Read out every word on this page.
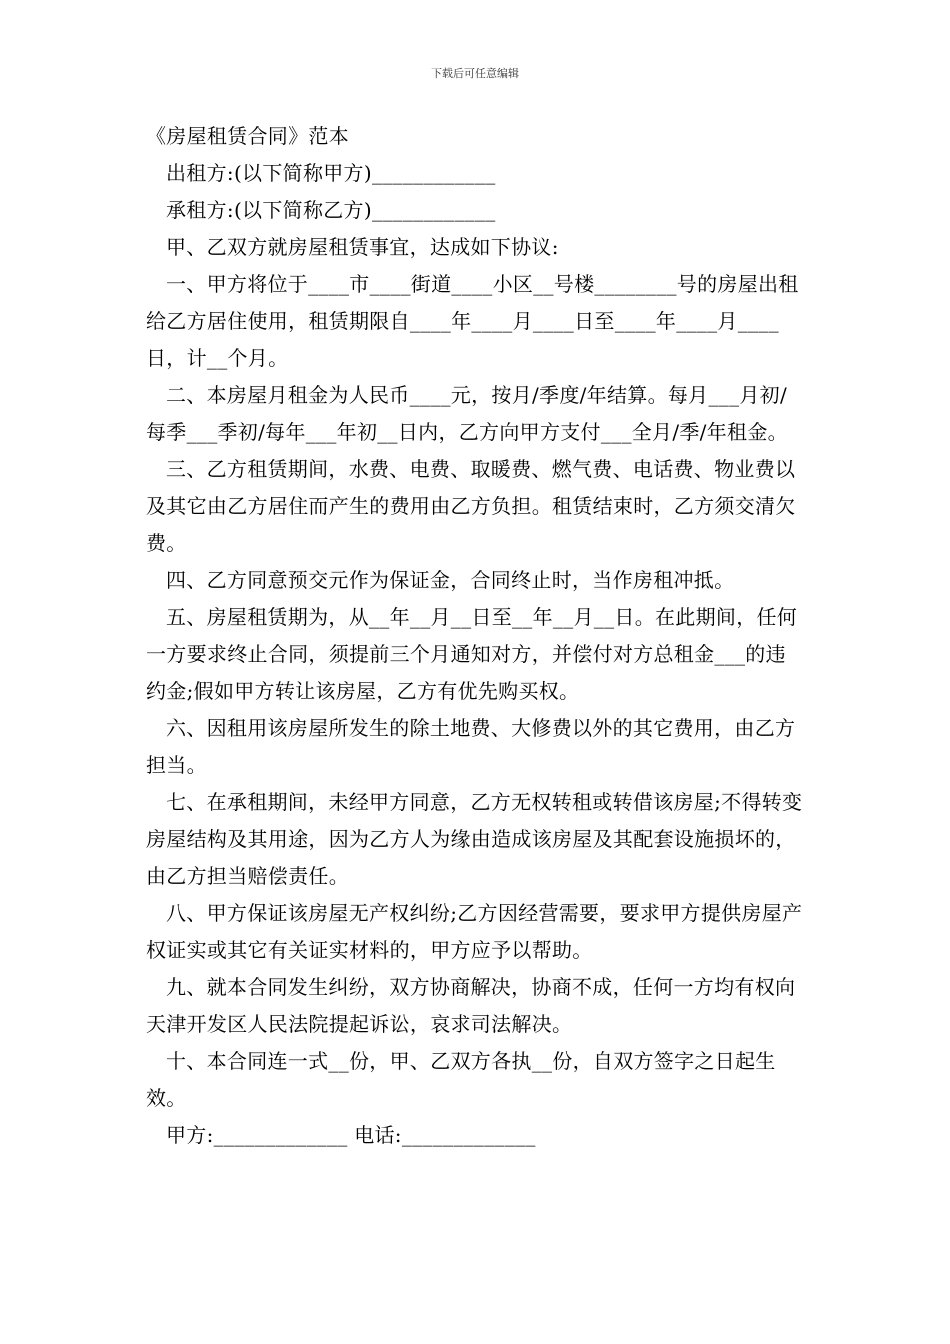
下载后可任意编辑

《房屋租赁合同》范本

出租方:(以下简称甲方)____________

承租方:(以下简称乙方)____________

甲、乙双方就房屋租赁事宜，达成如下协议:

一、甲方将位于____市____街道____小区__号楼________号的房屋出租给乙方居住使用，租赁期限自____年____月____日至____年____月____日，计__个月。

二、本房屋月租金为人民币____元，按月/季度/年结算。每月___月初/每季___季初/每年___年初__日内，乙方向甲方支付___全月/季/年租金。

三、乙方租赁期间，水费、电费、取暖费、燃气费、电话费、物业费以及其它由乙方居住而产生的费用由乙方负担。租赁结束时，乙方须交清欠费。

四、乙方同意预交元作为保证金，合同终止时，当作房租冲抵。

五、房屋租赁期为，从__年__月__日至__年__月__日。在此期间，任何一方要求终止合同，须提前三个月通知对方，并偿付对方总租金___的违约金;假如甲方转让该房屋，乙方有优先购买权。

六、因租用该房屋所发生的除土地费、大修费以外的其它费用，由乙方担当。

七、在承租期间，未经甲方同意，乙方无权转租或转借该房屋;不得转变房屋结构及其用途，因为乙方人为缘由造成该房屋及其配套设施损坏的，由乙方担当赔偿责任。

八、甲方保证该房屋无产权纠纷;乙方因经营需要，要求甲方提供房屋产权证实或其它有关证实材料的，甲方应予以帮助。

九、就本合同发生纠纷，双方协商解决，协商不成，任何一方均有权向天津开发区人民法院提起诉讼，哀求司法解决。

十、本合同连一式__份，甲、乙双方各执__份，自双方签字之日起生效。

甲方:_____________ 电话:_____________
